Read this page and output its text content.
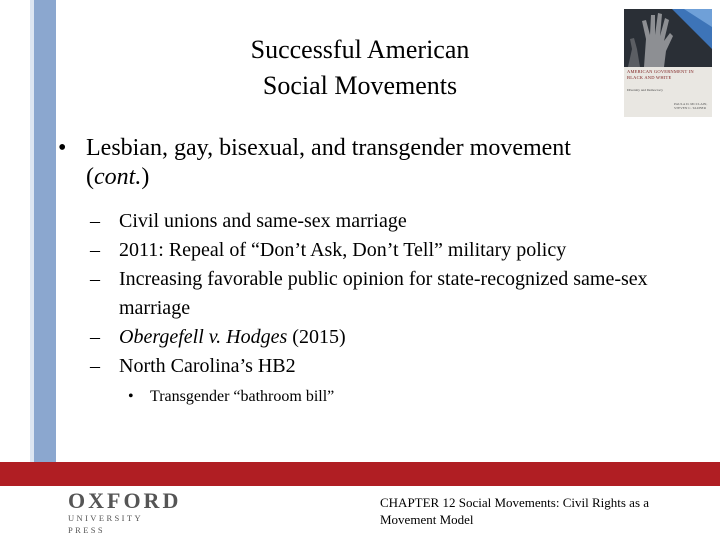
Successful American
Social Movements	AMERICAN GOVERNMENT IN BLACK AND WHITE
Diversity and Democracy
PAULA D. MCCLAIN, STEVEN C. TAUBER
• Lesbian, gay, bisexual, and transgender movement
(cont.)
– Civil unions and same-sex marriage
– 2011: Repeal of “Don’t Ask, Don’t Tell” military policy
– Increasing favorable public opinion for state-recognized same-sex marriage
– Obergefell v. Hodges (2015)
– North Carolina’s HB2
• Transgender “bathroom bill”
OXFORD
UNIVERSITY PRESS
CHAPTER 12 Social Movements: Civil Rights as a Movement Model
